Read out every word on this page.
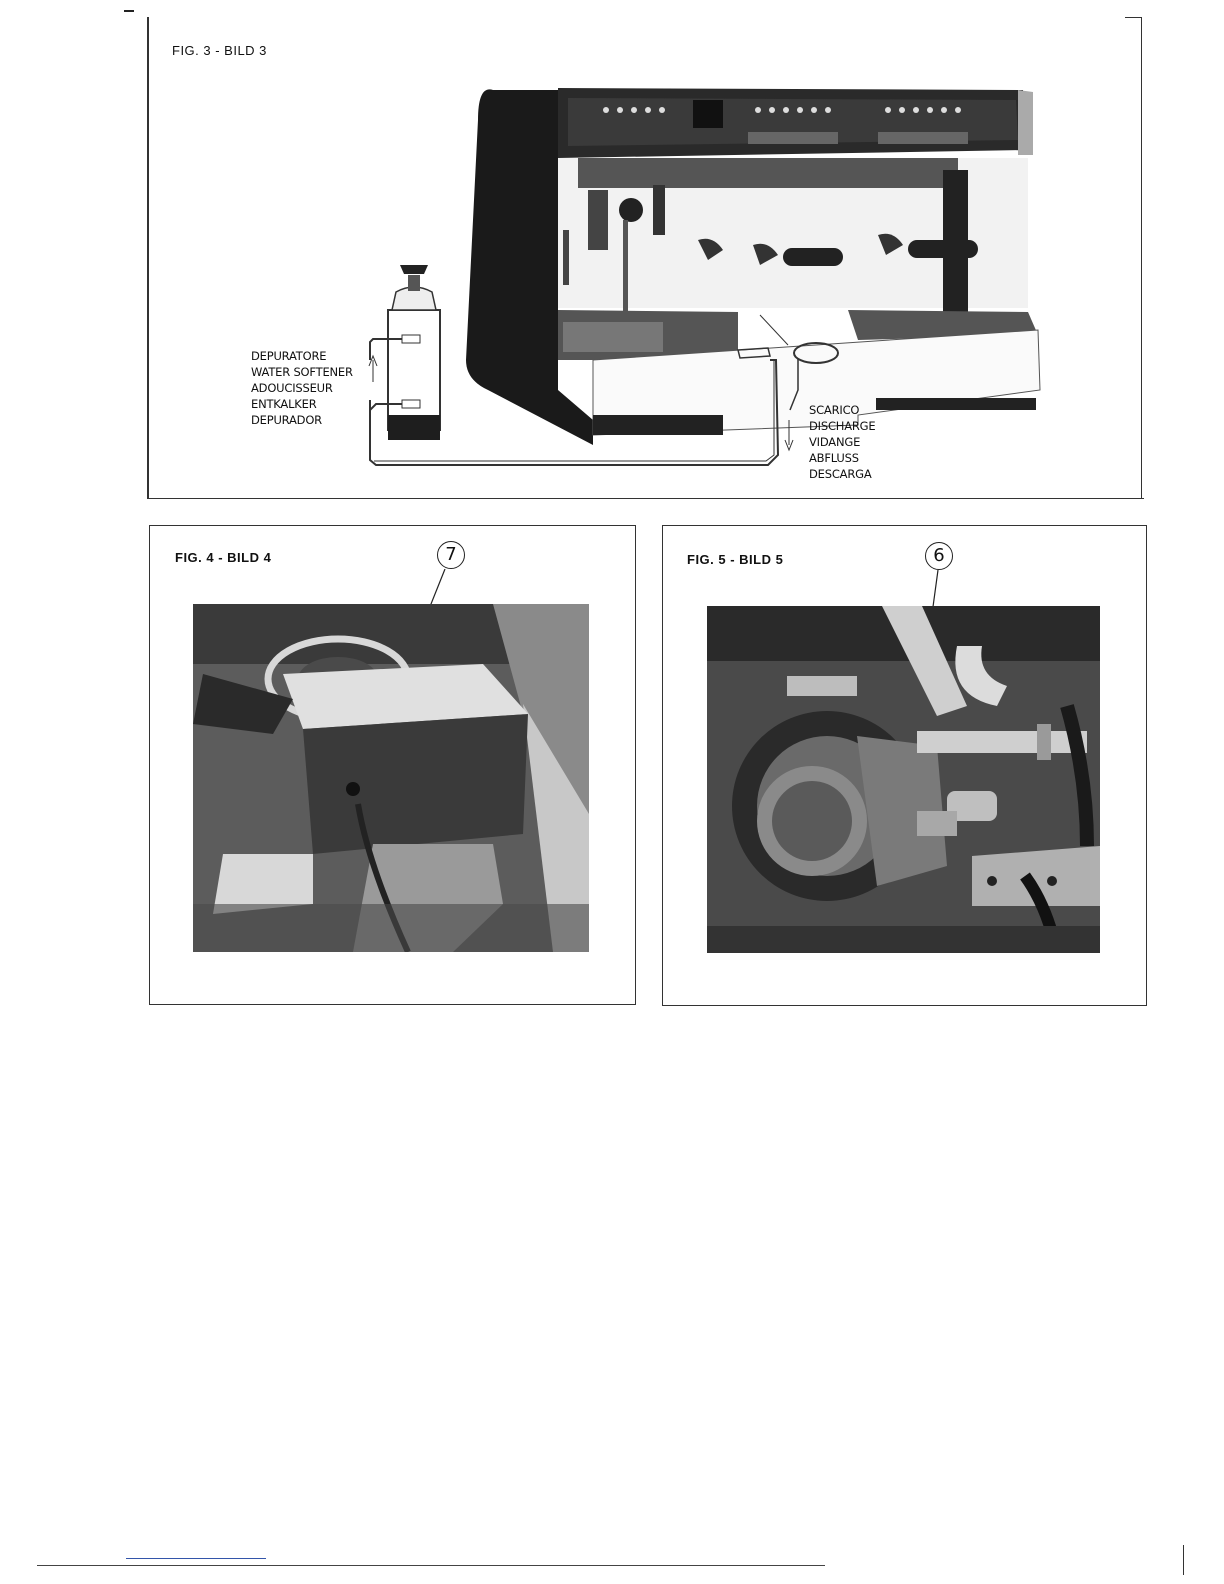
FIG. 3 - BILD 3
DEPURATORE
WATER SOFTENER
ADOUCISSEUR
ENTKALKER
DEPURADOR
SCARICO
DISCHARGE
VIDANGE
ABFLUSS
DESCARGA
FIG. 4 - BILD 4	7	FIG. 5 - BILD 5	6
